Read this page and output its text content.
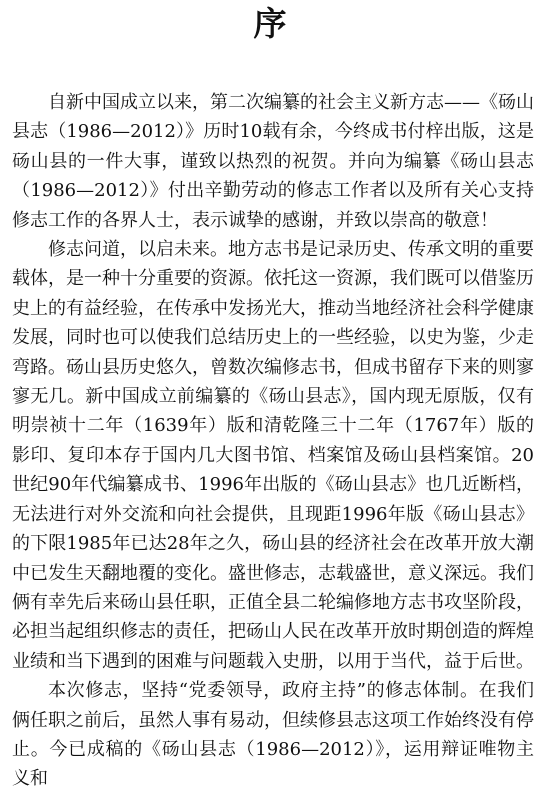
序

自新中国成立以来，第二次编纂的社会主义新方志——《砀山县志（1986—2012）》历时10载有余，今终成书付梓出版，这是砀山县的一件大事，谨致以热烈的祝贺。并向为编纂《砀山县志（1986—2012）》付出辛勤劳动的修志工作者以及所有关心支持修志工作的各界人士，表示诚挚的感谢，并致以崇高的敬意！

修志问道，以启未来。地方志书是记录历史、传承文明的重要载体，是一种十分重要的资源。依托这一资源，我们既可以借鉴历史上的有益经验，在传承中发扬光大，推动当地经济社会科学健康发展，同时也可以使我们总结历史上的一些经验，以史为鉴，少走弯路。砀山县历史悠久，曾数次编修志书，但成书留存下来的则寥寥无几。新中国成立前编纂的《砀山县志》，国内现无原版，仅有明崇祯十二年（1639年）版和清乾隆三十二年（1767年）版的影印、复印本存于国内几大图书馆、档案馆及砀山县档案馆。20世纪90年代编纂成书、1996年出版的《砀山县志》也几近断档，无法进行对外交流和向社会提供，且现距1996年版《砀山县志》的下限1985年已达28年之久，砀山县的经济社会在改革开放大潮中已发生天翻地覆的变化。盛世修志，志载盛世，意义深远。我们俩有幸先后来砀山县任职，正值全县二轮编修地方志书攻坚阶段，必担当起组织修志的责任，把砀山人民在改革开放时期创造的辉煌业绩和当下遇到的困难与问题载入史册，以用于当代，益于后世。

本次修志，坚持“党委领导，政府主持”的修志体制。在我们俩任职之前后，虽然人事有易动，但续修县志这项工作始终没有停止。今已成稿的《砀山县志（1986—2012）》，运用辩证唯物主义和
